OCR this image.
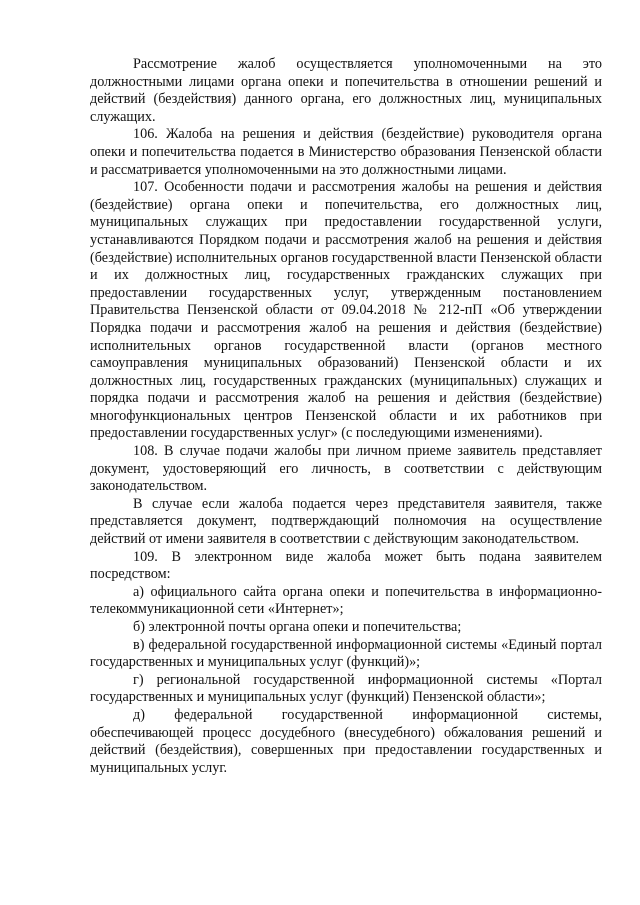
Рассмотрение жалоб осуществляется уполномоченными на это должностными лицами органа опеки и попечительства в отношении решений и действий (бездействия) данного органа, его должностных лиц, муниципальных служащих.

106. Жалоба на решения и действия (бездействие) руководителя органа опеки и попечительства подается в Министерство образования Пензенской области и рассматривается уполномоченными на это должностными лицами.

107. Особенности подачи и рассмотрения жалобы на решения и действия (бездействие) органа опеки и попечительства, его должностных лиц, муниципальных служащих при предоставлении государственной услуги, устанавливаются Порядком подачи и рассмотрения жалоб на решения и действия (бездействие) исполнительных органов государственной власти Пензенской области и их должностных лиц, государственных гражданских служащих при предоставлении государственных услуг, утвержденным постановлением Правительства Пензенской области от 09.04.2018 № 212-пП «Об утверждении Порядка подачи и рассмотрения жалоб на решения и действия (бездействие) исполнительных органов государственной власти (органов местного самоуправления муниципальных образований) Пензенской области и их должностных лиц, государственных гражданских (муниципальных) служащих и порядка подачи и рассмотрения жалоб на решения и действия (бездействие) многофункциональных центров Пензенской области и их работников при предоставлении государственных услуг» (с последующими изменениями).

108. В случае подачи жалобы при личном приеме заявитель представляет документ, удостоверяющий его личность, в соответствии с действующим законодательством.

В случае если жалоба подается через представителя заявителя, также представляется документ, подтверждающий полномочия на осуществление действий от имени заявителя в соответствии с действующим законодательством.

109. В электронном виде жалоба может быть подана заявителем посредством:

а) официального сайта органа опеки и попечительства в информационно-телекоммуникационной сети «Интернет»;

б) электронной почты органа опеки и попечительства;

в) федеральной государственной информационной системы «Единый портал государственных и муниципальных услуг (функций)»;

г) региональной государственной информационной системы «Портал государственных и муниципальных услуг (функций) Пензенской области»;

д) федеральной государственной информационной системы, обеспечивающей процесс досудебного (внесудебного) обжалования решений и действий (бездействия), совершенных при предоставлении государственных и муниципальных услуг.
